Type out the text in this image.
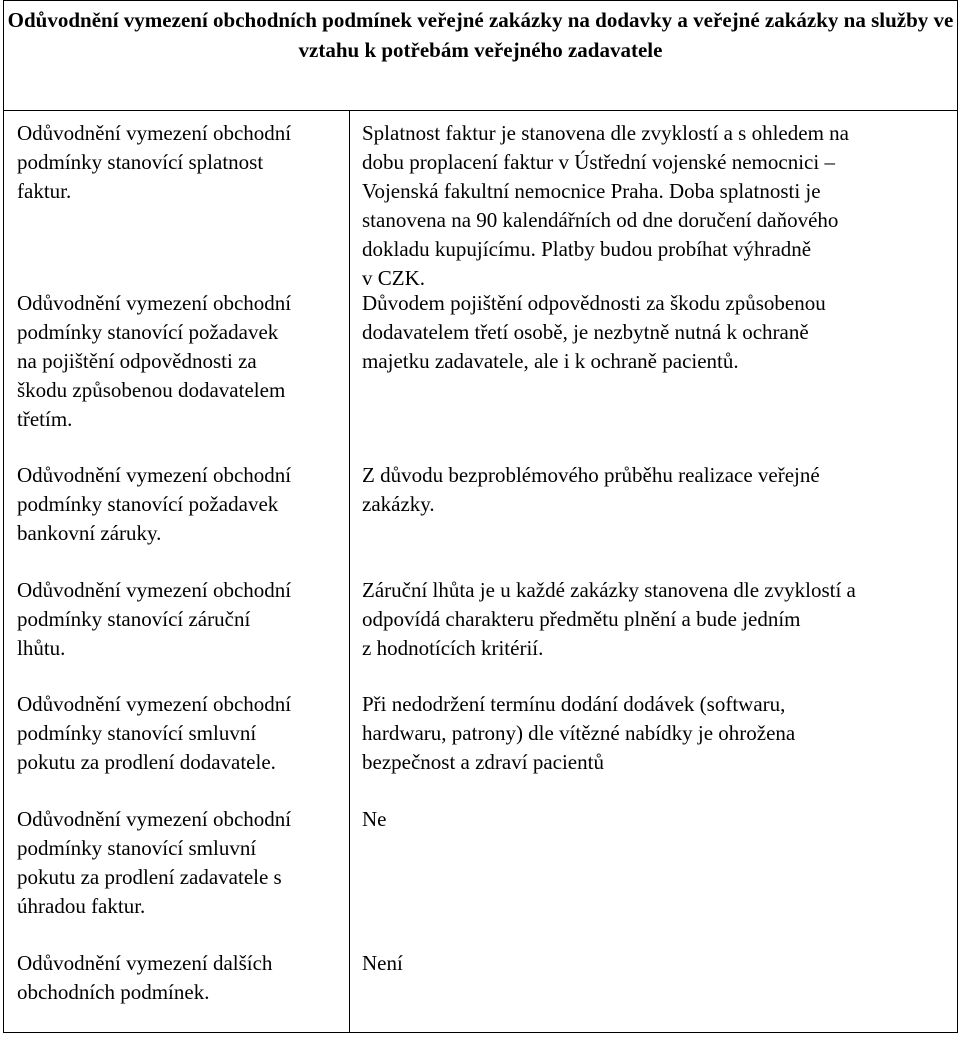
Odůvodnění vymezení obchodních podmínek veřejné zakázky na dodavky a veřejné zakázky na služby ve vztahu k potřebám veřejného zadavatele
Odůvodnění vymezení obchodní
podmínky stanovící splatnost
faktur.
Splatnost faktur je stanovena dle zvyklostí a s ohledem na
dobu proplacení faktur v Ústřední vojenské nemocnici –
Vojenská fakultní nemocnice Praha. Doba splatnosti je
stanovena na 90 kalendářních od dne doručení daňového
dokladu kupujícímu. Platby budou probíhat výhradně
v CZK.
Odůvodnění vymezení obchodní
podmínky stanovící požadavek
na pojištění odpovědnosti za
škodu způsobenou dodavatelem
třetím.
Důvodem pojištění odpovědnosti za škodu způsobenou
dodavatelem třetí osobě, je nezbytně nutná k ochraně
majetku zadavatele, ale i k ochraně pacientů.
Odůvodnění vymezení obchodní
podmínky stanovící požadavek
bankovní záruky.
Z důvodu bezproblémového průběhu realizace veřejné
zakázky.
Odůvodnění vymezení obchodní
podmínky stanovící záruční
lhůtu.
Záruční lhůta je u každé zakázky stanovena dle zvyklostí a
odpovídá charakteru předmětu plnění a bude jedním
z hodnotících kritérií.
Odůvodnění vymezení obchodní
podmínky stanovící smluvní
pokutu za prodlení dodavatele.
Při nedodržení termínu dodání dodávek (softwaru,
hardwaru, patrony) dle vítězné nabídky je ohrožena
bezpečnost a zdraví pacientů
Odůvodnění vymezení obchodní
podmínky stanovící smluvní
pokutu za prodlení zadavatele s
úhradou faktur.
Ne
Odůvodnění vymezení dalších
obchodních podmínek.
Není
